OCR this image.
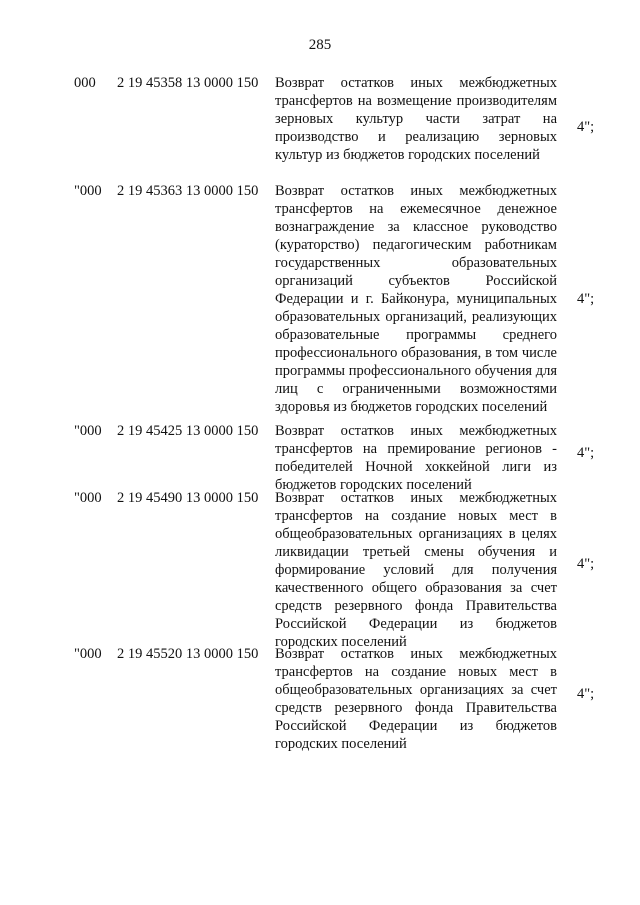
285
000 2 19 45358 13 0000 150 Возврат остатков иных межбюджетных трансфертов на возмещение производителям зерновых культур части затрат на производство и реализацию зерновых культур из бюджетов городских поселений
4";
"000 2 19 45363 13 0000 150 Возврат остатков иных межбюджетных трансфертов на ежемесячное денежное вознаграждение за классное руководство (кураторство) педагогическим работникам государственных образовательных организаций субъектов Российской Федерации и г. Байконура, муниципальных образовательных организаций, реализующих образовательные программы среднего профессионального образования, в том числе программы профессионального обучения для лиц с ограниченными возможностями здоровья из бюджетов городских поселений
4";
"000 2 19 45425 13 0000 150 Возврат остатков иных межбюджетных трансфертов на премирование регионов - победителей Ночной хоккейной лиги из бюджетов городских поселений
4";
"000 2 19 45490 13 0000 150 Возврат остатков иных межбюджетных трансфертов на создание новых мест в общеобразовательных организациях в целях ликвидации третьей смены обучения и формирование условий для получения качественного общего образования за счет средств резервного фонда Правительства Российской Федерации из бюджетов городских поселений
4";
"000 2 19 45520 13 0000 150 Возврат остатков иных межбюджетных трансфертов на создание новых мест в общеобразовательных организациях за счет средств резервного фонда Правительства Российской Федерации из бюджетов городских поселений
4";
